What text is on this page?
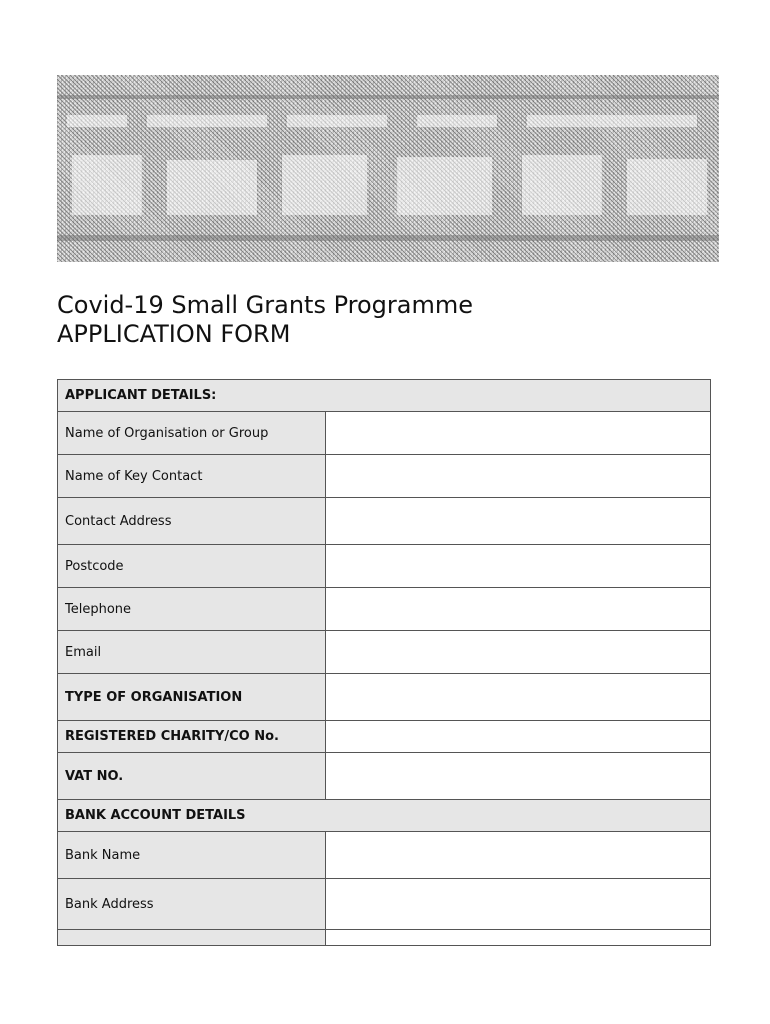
Covid-19 Small Grants Programme
APPLICATION FORM
APPLICANT DETAILS:	
Name of Organisation or Group	
Name of Key Contact	
Contact Address	
Postcode	
Telephone	
Email	
TYPE OF ORGANISATION	
REGISTERED CHARITY/CO No.	
VAT NO.	
BANK ACCOUNT DETAILS	
Bank Name	
Bank Address	
